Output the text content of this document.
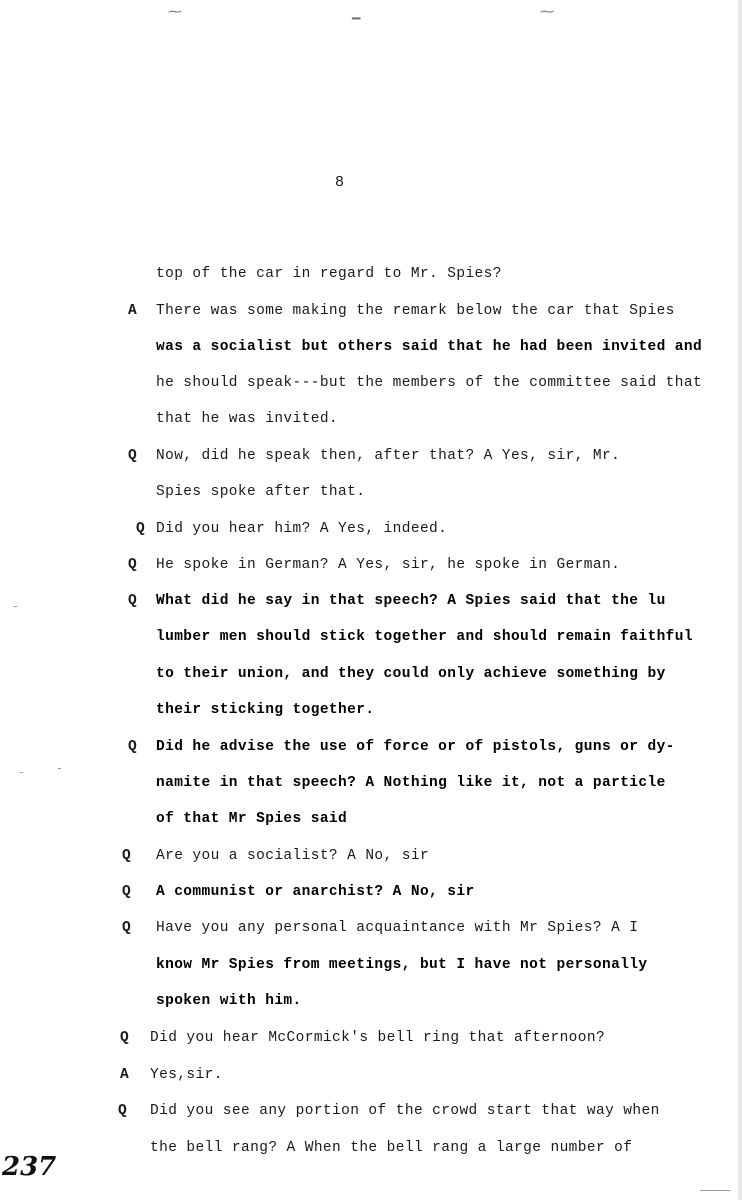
⁓	▁	⁓
8
top of the car in regard to Mr. Spies?
A There was some making the remark below the car that Spies
was a socialist but others said that he had been invited and
he should speak---but the members of the committee said that
that he was invited.
Q Now, did he speak then, after that? A Yes, sir, Mr.
Spies spoke after that.
Q Did you hear him? A Yes, indeed.
Q He spoke in German? A Yes, sir, he spoke in German.
Q What did he say in that speech? A Spies said that the lu
lumber men should stick together and should remain faithful
to their union, and they could only achieve something by
their sticking together.
Q Did he advise the use of force or of pistols, guns or dy-
namite in that speech? A Nothing like it, not a particle
of that Mr Spies said
Q Are you a socialist? A No, sir
Q A communist or anarchist? A No, sir
Q Have you any personal acquaintance with Mr Spies? A I
know Mr Spies from meetings, but I have not personally
spoken with him.
Q Did you hear McCormick's bell ring that afternoon?
A Yes,sir.
Q Did you see any portion of the crowd start that way when
the bell rang? A When the bell rang a large number of
237
